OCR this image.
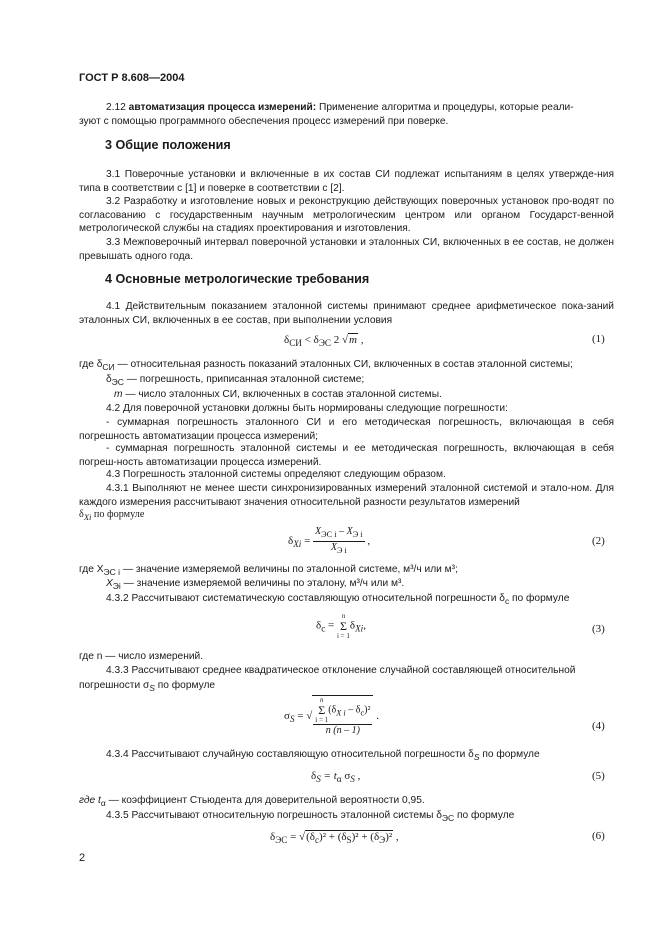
ГОСТ Р 8.608—2004
2.12 автоматизация процесса измерений: Применение алгоритма и процедуры, которые реали-
зуют с помощью программного обеспечения процесс измерений при поверке.
3 Общие положения
3.1 Поверочные установки и включенные в их состав СИ подлежат испытаниям в целях утвержде-ния типа в соответствии с [1] и поверке в соответствии с [2].
3.2 Разработку и изготовление новых и реконструкцию действующих поверочных установок про-водят по согласованию с государственным научным метрологическим центром или органом Государст-венной метрологической службы на стадиях проектирования и изготовления.
3.3 Межповерочный интервал поверочной установки и эталонных СИ, включенных в ее состав, не должен превышать одного года.
4 Основные метрологические требования
4.1 Действительным показанием эталонной системы принимают среднее арифметическое пока-заний эталонных СИ, включенных в ее состав, при выполнении условия
$\delta_{СИ} < \delta_{ЭС}$ 2 √m ,	(1)
где $\delta_{СИ}$ — относительная разность показаний эталонных СИ, включенных в состав эталонной системы;
$\delta_{ЭС}$ — погрешность, приписанная эталонной системе;
m — число эталонных СИ, включенных в состав эталонной системы.
4.2 Для поверочной установки должны быть нормированы следующие погрешности:
- суммарная погрешность эталонного СИ и его методическая погрешность, включающая в себя погрешность автоматизации процесса измерений;
- суммарная погрешность эталонной системы и ее методическая погрешность, включающая в себя погреш-ность автоматизации процесса измерений.
4.3 Погрешность эталонной системы определяют следующим образом.
4.3.1 Выполняют не менее шести синхронизированных измерений эталонной системой и этало-ном. Для каждого измерения рассчитывают значения относительной разности результатов измерений
$\delta_{Xi}$ по формуле
$\delta_{Xi} = \frac{X_{ЭС i} - X_{Э i}}{X_{Э i}}$ ,	(2)
где $X_{ЭС i}$ — значение измеряемой величины по эталонной системе, м³/ч или м³;
$X_{Эi}$ — значение измеряемой величины по эталону, м³/ч или м³.
4.3.2 Рассчитывают систематическую составляющую относительной погрешности $\delta_c$ по формуле
$\delta_c = n$
Σ
$i = 1\delta_{Xi}$,	(3)
где n — число измерений.
4.3.3 Рассчитывают среднее квадратическое отклонение случайной составляющей относительной
погрешности $\sigma_S$ по формуле
$\sigma_S$ = √ n
Σ
$i = 1(\delta_{X i} - \delta_c)^2$
n (n – 1) .
(4)
4.3.4 Рассчитывают случайную составляющую относительной погрешности $\delta_S$ по формуле
$\delta_S = t_\alpha$ $\sigma_S$ ,	(5)
где $t_\alpha$ — коэффициент Стьюдента для доверительной вероятности 0,95.
4.3.5 Рассчитывают относительную погрешность эталонной системы $\delta_{ЭС}$ по формуле
$\delta_{ЭС} = √(\delta_c)^2 + (\delta_S)^2 + (\delta_Э)^2$ ,	(6)
2
